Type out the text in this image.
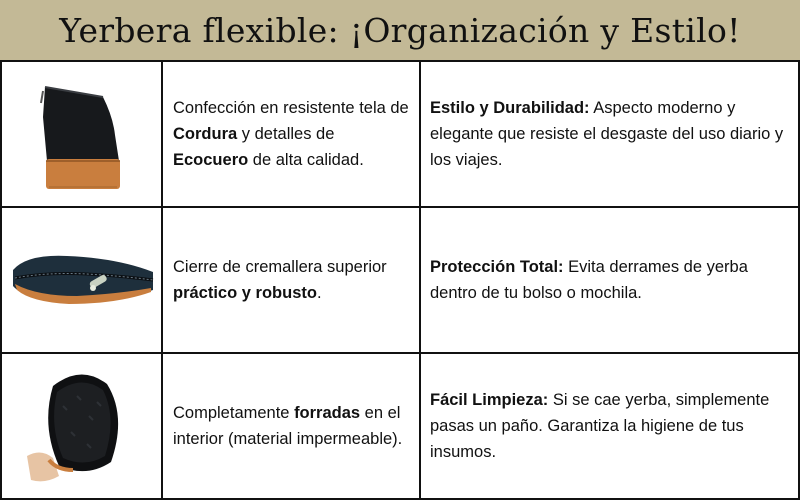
Yerbera flexible: ¡Organización y Estilo!
Confección en resistente tela de Cordura y detalles de Ecocuero de alta calidad.
Estilo y Durabilidad: Aspecto moderno y elegante que resiste el desgaste del uso diario y los viajes.
Cierre de cremallera superior práctico y robusto.
Protección Total: Evita derrames de yerba dentro de tu bolso o mochila.
Completamente forradas en el interior (material impermeable).
Fácil Limpieza: Si se cae yerba, simplemente pasas un paño. Garantiza la higiene de tus insumos.
